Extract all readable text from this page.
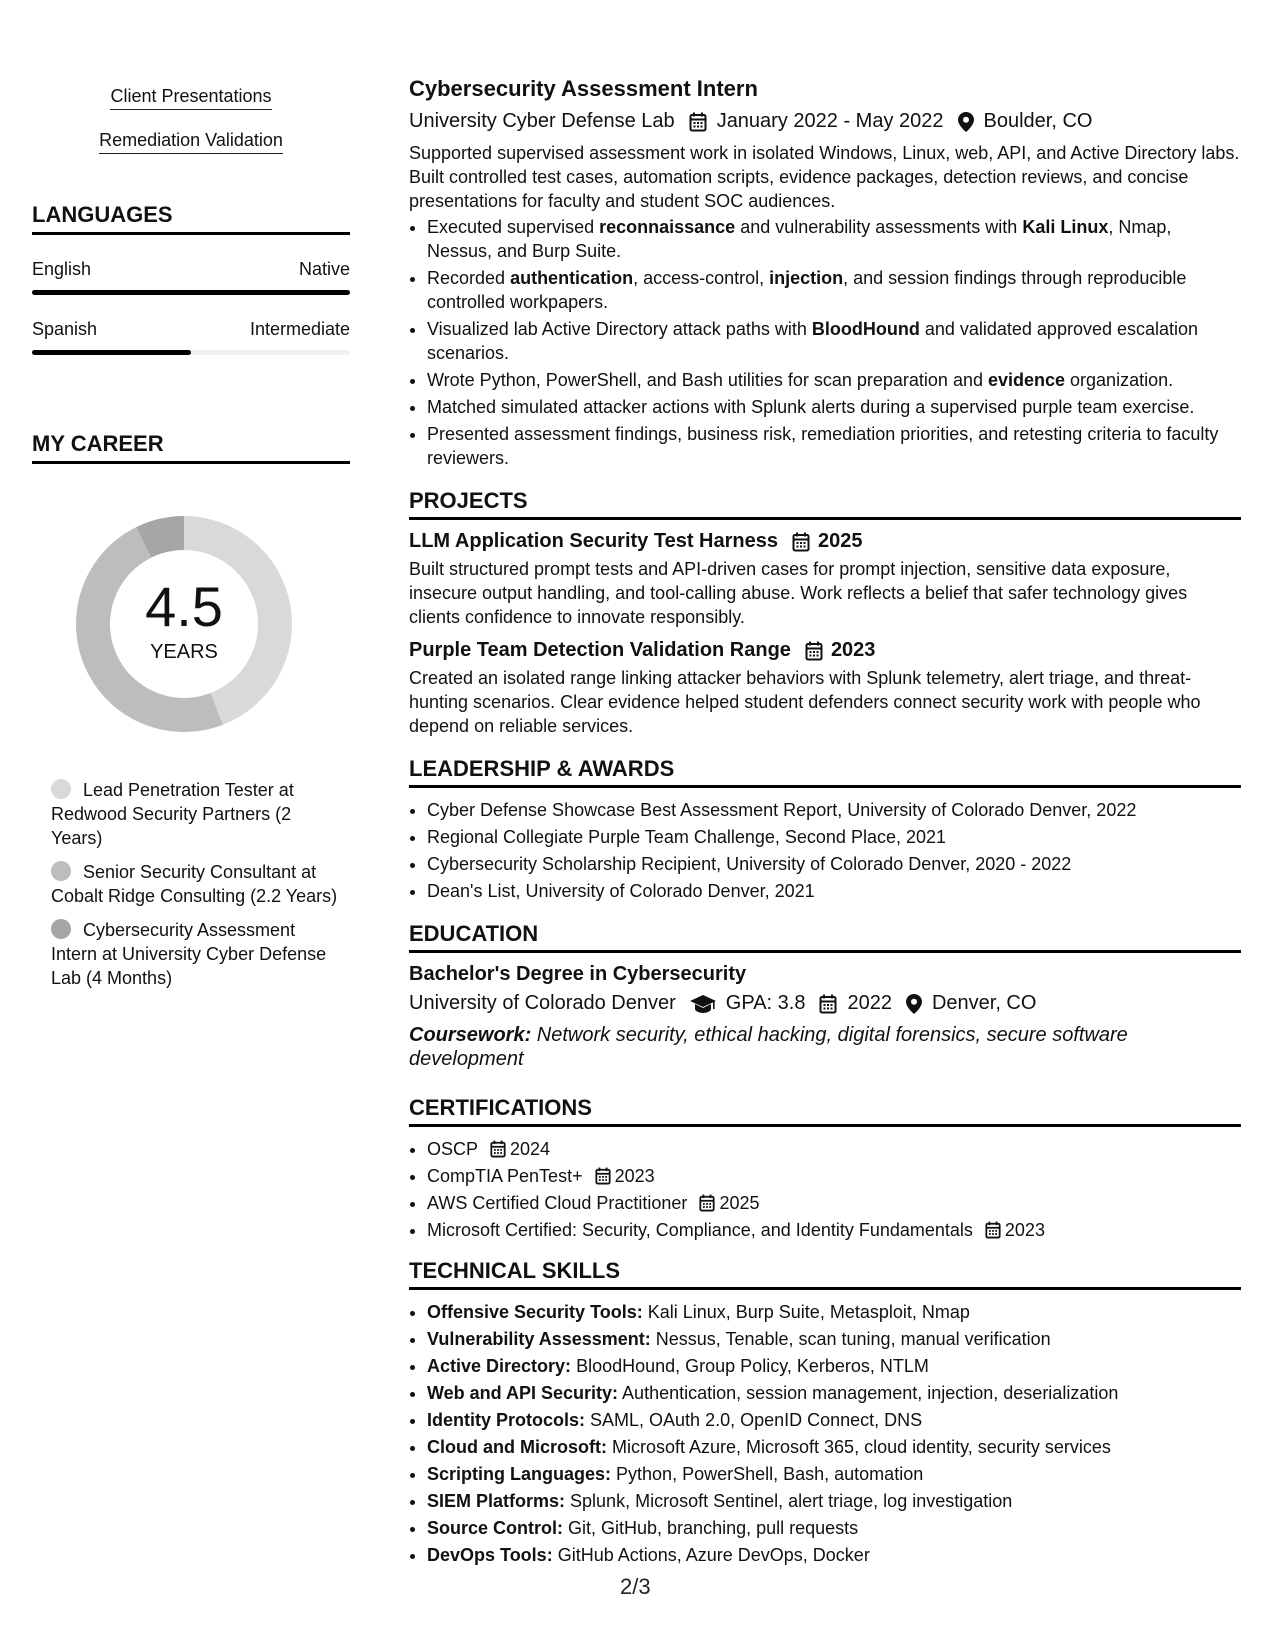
Client Presentations
Remediation Validation
LANGUAGES
English	Native
Spanish	Intermediate
MY CAREER
4.5
YEARS
Lead Penetration Tester at Redwood Security Partners (2 Years)
Senior Security Consultant at Cobalt Ridge Consulting (2.2 Years)
Cybersecurity Assessment Intern at University Cyber Defense Lab (4 Months)
Cybersecurity Assessment Intern
University Cyber Defense Lab January 2022 - May 2022 Boulder, CO
Supported supervised assessment work in isolated Windows, Linux, web, API, and Active Directory labs. Built controlled test cases, automation scripts, evidence packages, detection reviews, and concise presentations for faculty and student SOC audiences.
• Executed supervised reconnaissance and vulnerability assessments with Kali Linux, Nmap, Nessus, and Burp Suite.
• Recorded authentication, access-control, injection, and session findings through reproducible controlled workpapers.
• Visualized lab Active Directory attack paths with BloodHound and validated approved escalation scenarios.
• Wrote Python, PowerShell, and Bash utilities for scan preparation and evidence organization.
• Matched simulated attacker actions with Splunk alerts during a supervised purple team exercise.
• Presented assessment findings, business risk, remediation priorities, and retesting criteria to faculty reviewers.
PROJECTS
LLM Application Security Test Harness 2025
Built structured prompt tests and API-driven cases for prompt injection, sensitive data exposure, insecure output handling, and tool-calling abuse. Work reflects a belief that safer technology gives clients confidence to innovate responsibly.
Purple Team Detection Validation Range 2023
Created an isolated range linking attacker behaviors with Splunk telemetry, alert triage, and threat-hunting scenarios. Clear evidence helped student defenders connect security work with people who depend on reliable services.
LEADERSHIP & AWARDS
• Cyber Defense Showcase Best Assessment Report, University of Colorado Denver, 2022
• Regional Collegiate Purple Team Challenge, Second Place, 2021
• Cybersecurity Scholarship Recipient, University of Colorado Denver, 2020 - 2022
• Dean's List, University of Colorado Denver, 2021
EDUCATION
Bachelor's Degree in Cybersecurity
University of Colorado Denver	GPA: 3.8 2022 Denver, CO
Coursework: Network security, ethical hacking, digital forensics, secure software development
CERTIFICATIONS
• OSCP 2024
• CompTIA PenTest+ 2023
• AWS Certified Cloud Practitioner 2025
• Microsoft Certified: Security, Compliance, and Identity Fundamentals 2023
TECHNICAL SKILLS
• Offensive Security Tools: Kali Linux, Burp Suite, Metasploit, Nmap
• Vulnerability Assessment: Nessus, Tenable, scan tuning, manual verification
• Active Directory: BloodHound, Group Policy, Kerberos, NTLM
• Web and API Security: Authentication, session management, injection, deserialization
• Identity Protocols: SAML, OAuth 2.0, OpenID Connect, DNS
• Cloud and Microsoft: Microsoft Azure, Microsoft 365, cloud identity, security services
• Scripting Languages: Python, PowerShell, Bash, automation
• SIEM Platforms: Splunk, Microsoft Sentinel, alert triage, log investigation
• Source Control: Git, GitHub, branching, pull requests
• DevOps Tools: GitHub Actions, Azure DevOps, Docker
2/3
